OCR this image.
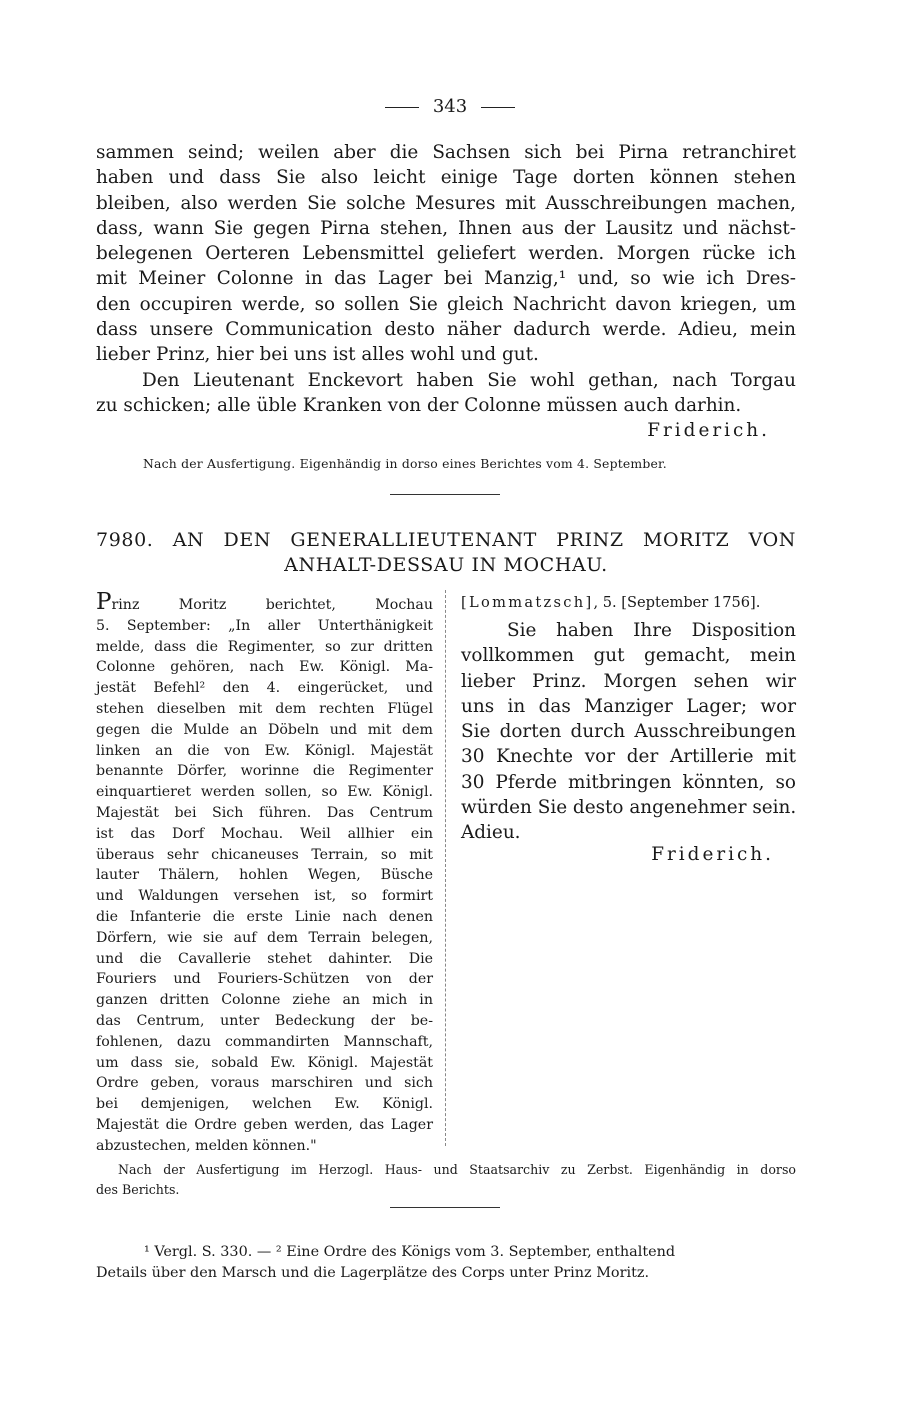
343
sammen seind; weilen aber die Sachsen sich bei Pirna retranchiret
haben und dass Sie also leicht einige Tage dorten können stehen
bleiben, also werden Sie solche Mesures mit Ausschreibungen machen,
dass, wann Sie gegen Pirna stehen, Ihnen aus der Lausitz und nächst-
belegenen Oerteren Lebensmittel geliefert werden. Morgen rücke ich
mit Meiner Colonne in das Lager bei Manzig,¹ und, so wie ich Dres-
den occupiren werde, so sollen Sie gleich Nachricht davon kriegen, um
dass unsere Communication desto näher dadurch werde. Adieu, mein
lieber Prinz, hier bei uns ist alles wohl und gut.
Den Lieutenant Enckevort haben Sie wohl gethan, nach Torgau
zu schicken; alle üble Kranken von der Colonne müssen auch darhin.
Friderich.
Nach der Ausfertigung. Eigenhändig in dorso eines Berichtes vom 4. September.
7980. AN DEN GENERALLIEUTENANT PRINZ MORITZ VON
ANHALT-DESSAU IN MOCHAU.
Prinz Moritz berichtet, Mochau
5. September: „In aller Unterthänigkeit
melde, dass die Regimenter, so zur dritten
Colonne gehören, nach Ew. Königl. Ma-
jestät Befehl² den 4. eingerücket, und
stehen dieselben mit dem rechten Flügel
gegen die Mulde an Döbeln und mit dem
linken an die von Ew. Königl. Majestät
benannte Dörfer, worinne die Regimenter
einquartieret werden sollen, so Ew. Königl.
Majestät bei Sich führen. Das Centrum
ist das Dorf Mochau. Weil allhier ein
überaus sehr chicaneuses Terrain, so mit
lauter Thälern, hohlen Wegen, Büsche
und Waldungen versehen ist, so formirt
die Infanterie die erste Linie nach denen
Dörfern, wie sie auf dem Terrain belegen,
und die Cavallerie stehet dahinter. Die
Fouriers und Fouriers-Schützen von der
ganzen dritten Colonne ziehe an mich in
das Centrum, unter Bedeckung der be-
fohlenen, dazu commandirten Mannschaft,
um dass sie, sobald Ew. Königl. Majestät
Ordre geben, voraus marschiren und sich
bei demjenigen, welchen Ew. Königl.
Majestät die Ordre geben werden, das Lager
abzustechen, melden können."
[Lommatzsch], 5. [September 1756].
Sie haben Ihre Disposition
vollkommen gut gemacht, mein
lieber Prinz. Morgen sehen wir
uns in das Manziger Lager; wor
Sie dorten durch Ausschreibungen
30 Knechte vor der Artillerie mit
30 Pferde mitbringen könnten, so
würden Sie desto angenehmer sein.
Adieu.
Friderich.
Nach der Ausfertigung im Herzogl. Haus- und Staatsarchiv zu Zerbst. Eigenhändig in dorso
des Berichts.
¹ Vergl. S. 330. — ² Eine Ordre des Königs vom 3. September, enthaltend
Details über den Marsch und die Lagerplätze des Corps unter Prinz Moritz.
